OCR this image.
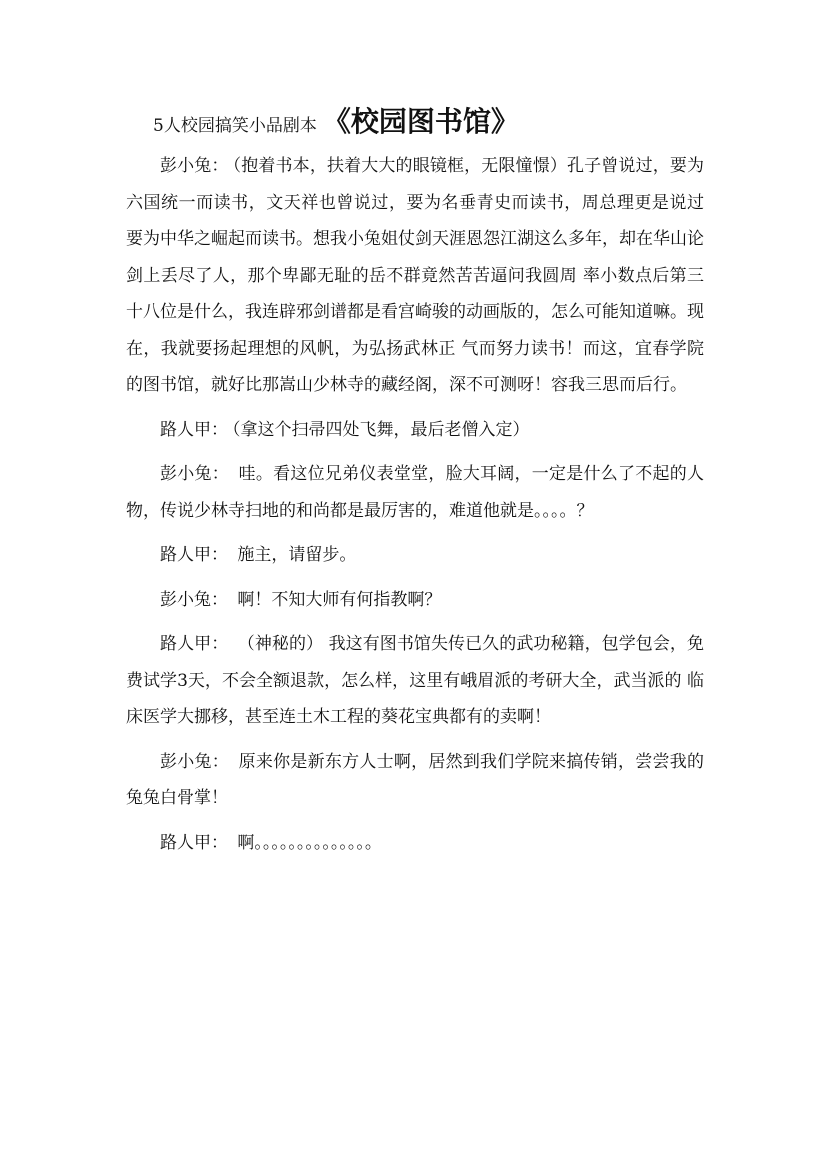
5人校园搞笑小品剧本 《校园图书馆》

彭小兔： （抱着书本，扶着大大的眼镜框，无限憧憬）孔子曾说过，要为六国统一而读书，文天祥也曾说过，要为名垂青史而读书，周总理更是说过 要为中华之崛起而读书。想我小兔姐仗剑天涯恩怨江湖这么多年，却在华山论剑上丢尽了人，那个卑鄙无耻的岳不群竟然苦苦逼问我圆周 率小数点后第三十八位是什么，我连辟邪剑谱都是看宫崎骏的动画版的，怎么可能知道嘛。现在，我就要扬起理想的风帆，为弘扬武林正 气而努力读书！而这，宜春学院的图书馆，就好比那嵩山少林寺的藏经阁，深不可测呀！容我三思而后行。

路人甲： （拿这个扫帚四处飞舞，最后老僧入定）

彭小兔： 哇。看这位兄弟仪表堂堂，脸大耳阔，一定是什么了不起的人物，传说少林寺扫地的和尚都是最厉害的，难道他就是。。。。？

路人甲： 施主，请留步。

彭小兔： 啊！不知大师有何指教啊？

路人甲： （神秘的） 我这有图书馆失传已久的武功秘籍，包学包会，免费试学3天，不会全额退款，怎么样，这里有峨眉派的考研大全，武当派的 临床医学大挪移，甚至连土木工程的葵花宝典都有的卖啊！

彭小兔： 原来你是新东方人士啊，居然到我们学院来搞传销，尝尝我的兔兔白骨掌！

路人甲： 啊。。。。。。。。。。。。。。
